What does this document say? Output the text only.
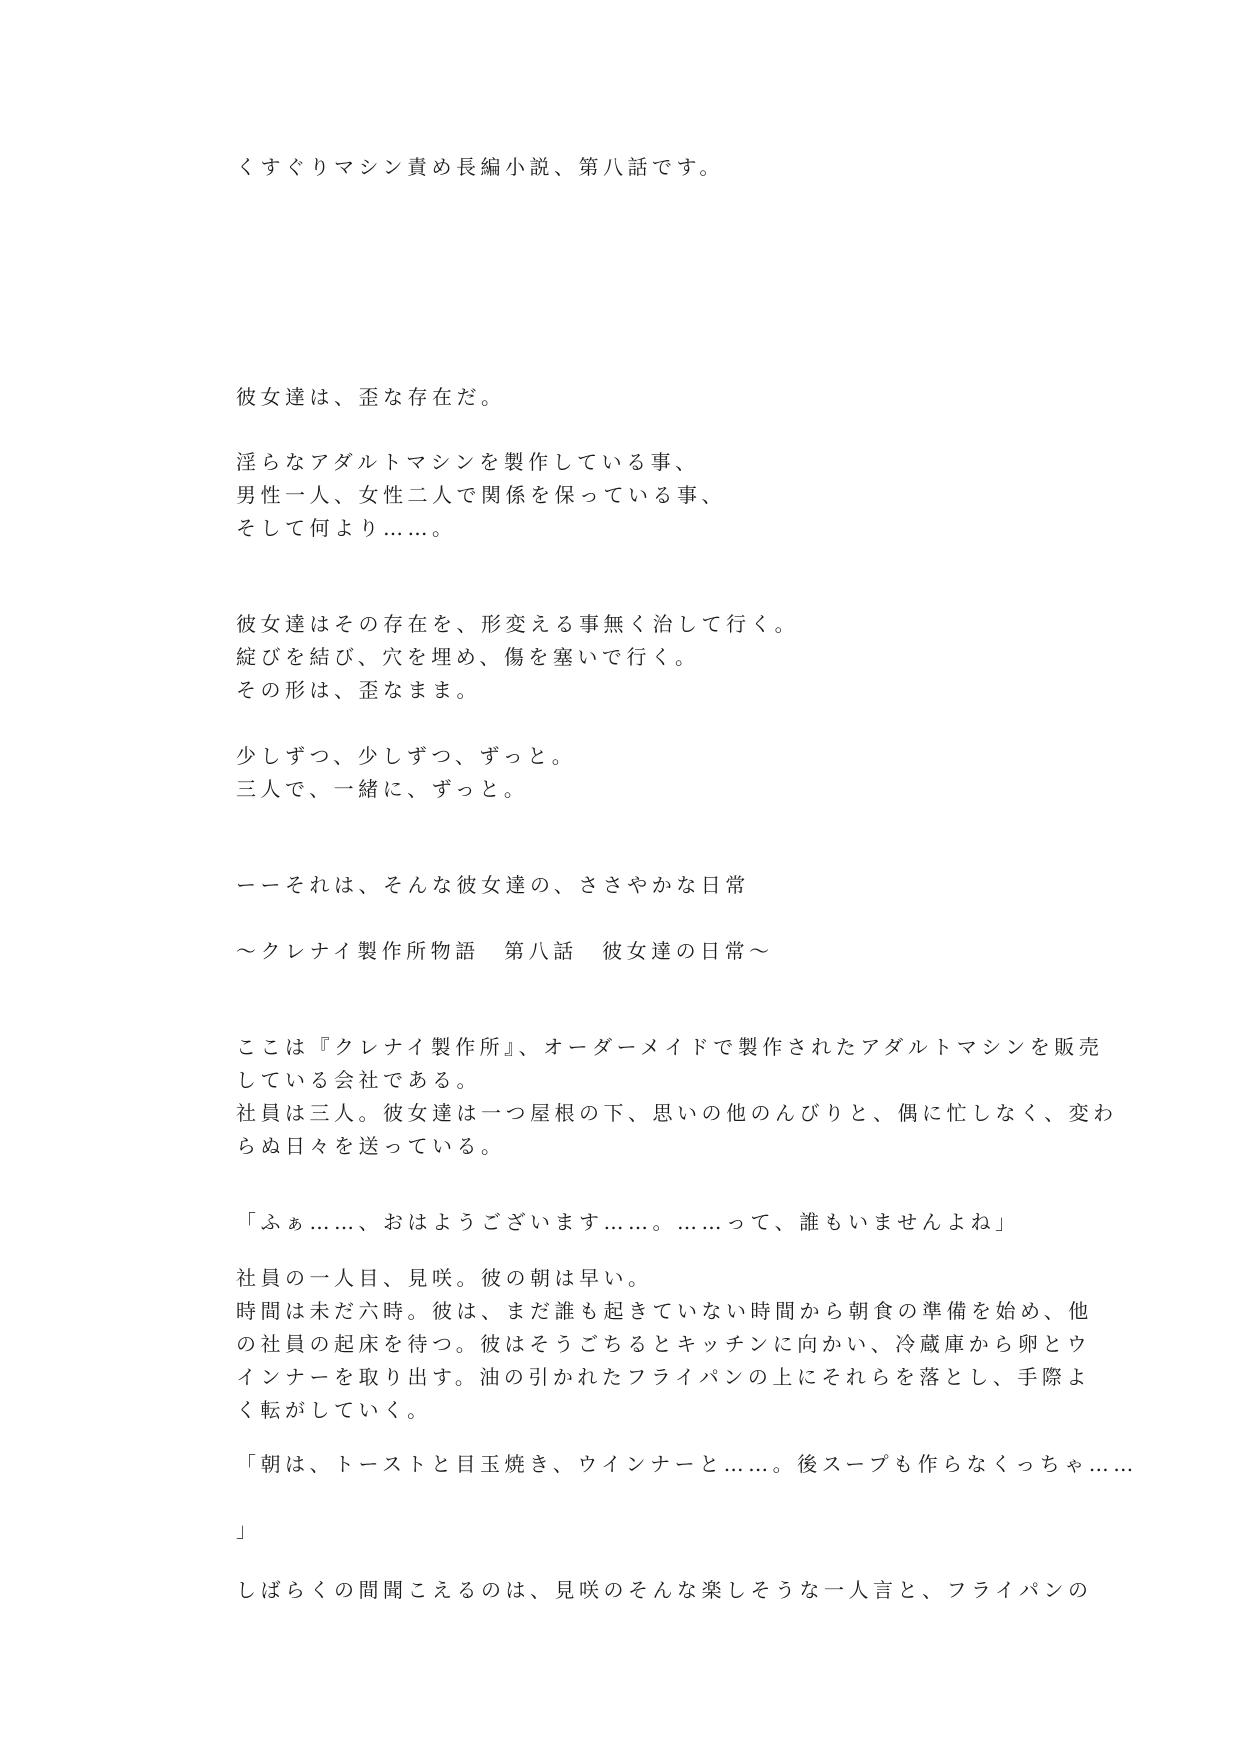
くすぐりマシン責め長編小説、第八話です。
彼女達は、歪な存在だ。
淫らなアダルトマシンを製作している事、
男性一人、女性二人で関係を保っている事、
そして何より……。
彼女達はその存在を、形変える事無く治して行く。
綻びを結び、穴を埋め、傷を塞いで行く。
その形は、歪なまま。
少しずつ、少しずつ、ずっと。
三人で、一緒に、ずっと。
ーーそれは、そんな彼女達の、ささやかな日常
～クレナイ製作所物語　第八話　彼女達の日常～
ここは『クレナイ製作所』、オーダーメイドで製作されたアダルトマシンを販売
している会社である。
社員は三人。彼女達は一つ屋根の下、思いの他のんびりと、偶に忙しなく、変わ
らぬ日々を送っている。
「ふぁ……、おはようございます……。……って、誰もいませんよね」
社員の一人目、見咲。彼の朝は早い。
時間は未だ六時。彼は、まだ誰も起きていない時間から朝食の準備を始め、他
の社員の起床を待つ。彼はそうごちるとキッチンに向かい、冷蔵庫から卵とウ
インナーを取り出す。油の引かれたフライパンの上にそれらを落とし、手際よ
く転がしていく。
「朝は、トーストと目玉焼き、ウインナーと……。後スープも作らなくっちゃ……
」
しばらくの間聞こえるのは、見咲のそんな楽しそうな一人言と、フライパンの
